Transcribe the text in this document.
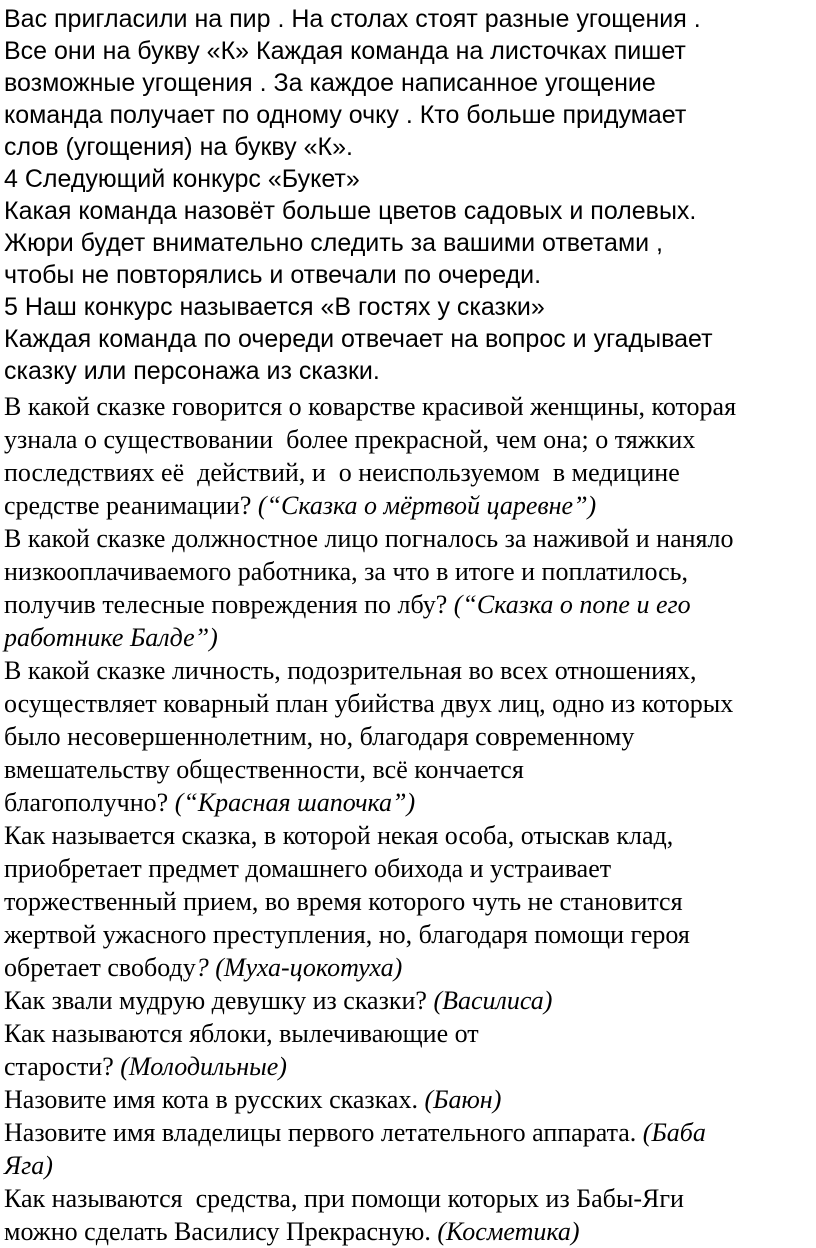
Вас пригласили на пир . На столах стоят разные угощения .
Все они на букву «К» Каждая команда на листочках пишет
возможные угощения . За каждое написанное угощение
команда получает по одному очку . Кто больше придумает
слов (угощения) на букву «К».
4 Следующий конкурс «Букет»
Какая команда назовёт больше цветов садовых и полевых.
Жюри будет внимательно следить за вашими ответами ,
чтобы не повторялись и отвечали по очереди.
5 Наш конкурс называется «В гостях у сказки»
Каждая команда по очереди отвечает на вопрос и угадывает
сказку или персонажа из сказки.
В какой сказке говорится о коварстве красивой женщины, которая
узнала о существовании  более прекрасной, чем она; о тяжких
последствиях её  действий, и  о неиспользуемом  в медицине
средстве реанимации? (“Сказка о мёртвой царевне”)
В какой сказке должностное лицо погналось за наживой и наняло
низкооплачиваемого работника, за что в итоге и поплатилось,
получив телесные повреждения по лбу? (“Сказка о попе и его
работнике Балде”)
В какой сказке личность, подозрительная во всех отношениях,
осуществляет коварный план убийства двух лиц, одно из которых
было несовершеннолетним, но, благодаря современному
вмешательству общественности, всё кончается
благополучно? (“Красная шапочка”)
Как называется сказка, в которой некая особа, отыскав клад,
приобретает предмет домашнего обихода и устраивает
торжественный прием, во время которого чуть не становится
жертвой ужасного преступления, но, благодаря помощи героя
обретает свободу? (Муха-цокотуха)
Как звали мудрую девушку из сказки? (Василиса)
Как называются яблоки, вылечивающие от
старости? (Молодильные)
Назовите имя кота в русских сказках. (Баюн)
Назовите имя владелицы первого летательного аппарата. (Баба
Яга)
Как называются  средства, при помощи которых из Бабы-Яги
можно сделать Василису Прекрасную. (Косметика)
